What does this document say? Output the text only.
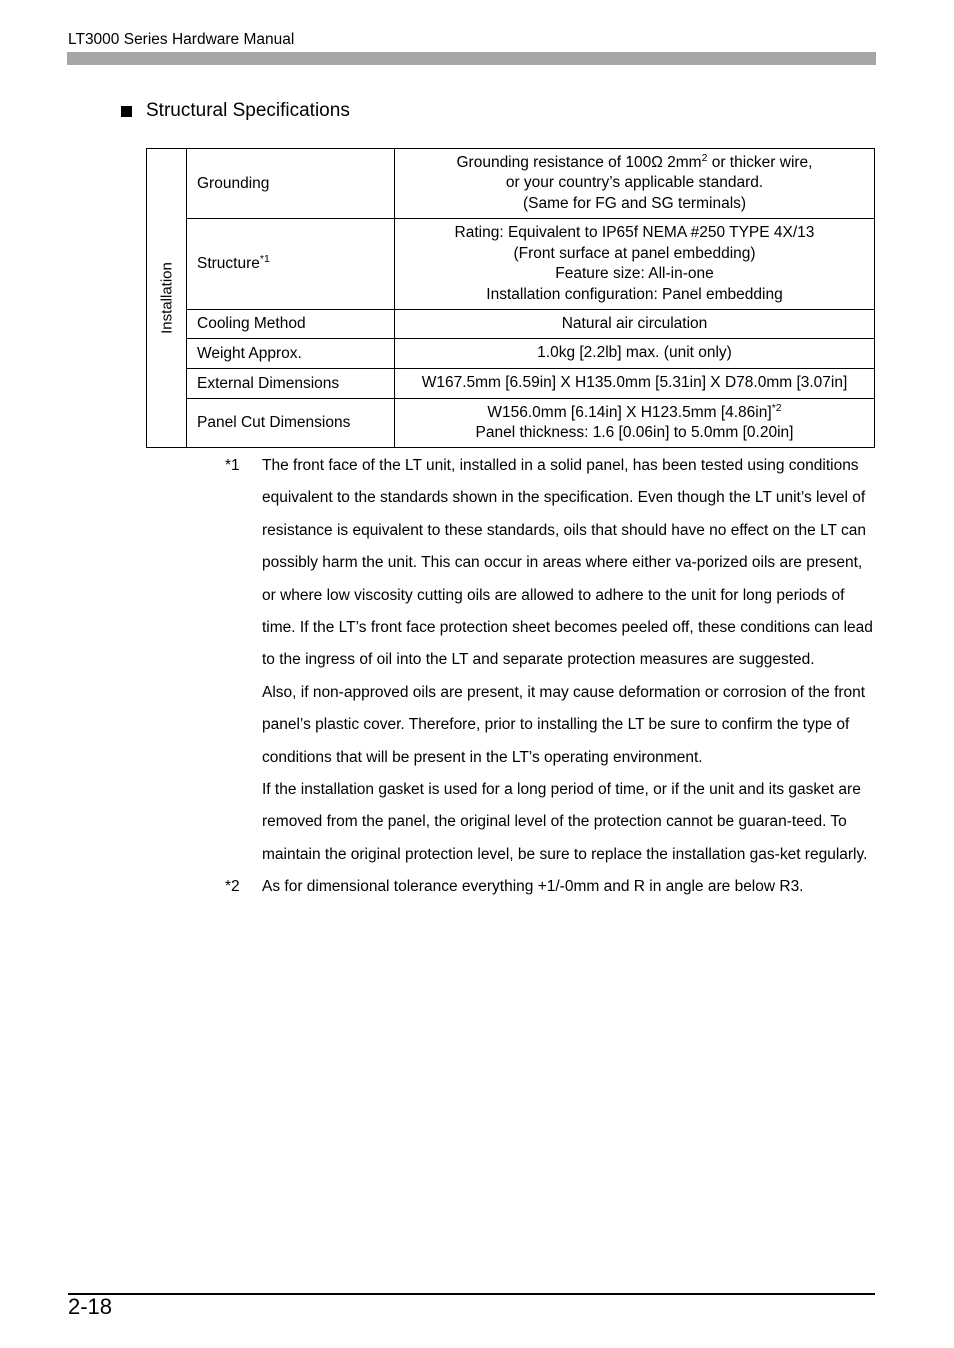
LT3000 Series Hardware Manual
Structural Specifications
Installation	Grounding	Grounding resistance of 100Ω $2mm^2$ or thicker wire,
or your country’s applicable standard.
(Same for FG and SG terminals)

	Structure$^{*1}$	Rating: Equivalent to IP65f NEMA #250 TYPE 4X/13
(Front surface at panel embedding)
Feature size: All-in-one
Installation configuration: Panel embedding

	Cooling Method	Natural air circulation

	Weight Approx.	1.0kg [2.2lb] max. (unit only)

	External Dimensions	W167.5mm [6.59in] X H135.0mm [5.31in] X D78.0mm [3.07in]

	Panel Cut Dimensions	W156.0mm [6.14in] X H123.5mm $[4.86in]^{*2}$
Panel thickness: 1.6 [0.06in] to 5.0mm [0.20in]
*1 The front face of the LT unit, installed in a solid panel, has been tested using conditions equivalent to the standards shown in the specification. Even though the LT unit’s level of resistance is equivalent to these standards, oils that should have no effect on the LT can possibly harm the unit. This can occur in areas where either va-porized oils are present, or where low viscosity cutting oils are allowed to adhere to the unit for long periods of time. If the LT’s front face protection sheet becomes peeled off, these conditions can lead to the ingress of oil into the LT and separate protection measures are suggested.
Also, if non-approved oils are present, it may cause deformation or corrosion of the front panel’s plastic cover. Therefore, prior to installing the LT be sure to confirm the type of conditions that will be present in the LT’s operating environment.
If the installation gasket is used for a long period of time, or if the unit and its gasket are removed from the panel, the original level of the protection cannot be guaran-teed. To maintain the original protection level, be sure to replace the installation gas-ket regularly.
*2 As for dimensional tolerance everything +1/-0mm and R in angle are below R3.
2-18
